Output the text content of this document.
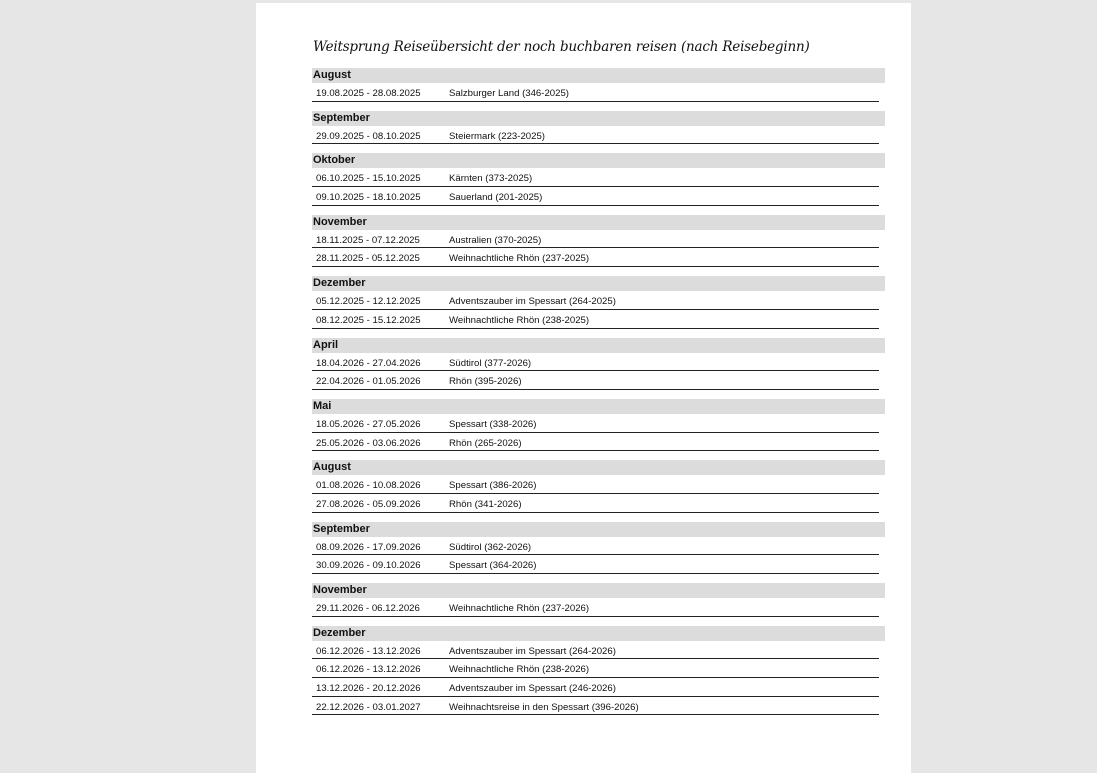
Weitsprung Reiseübersicht der noch buchbaren reisen (nach Reisebeginn)
August
19.08.2025 - 28.08.2025	Salzburger Land (346-2025)
September
29.09.2025 - 08.10.2025	Steiermark (223-2025)
Oktober
06.10.2025 - 15.10.2025	Kärnten (373-2025)
09.10.2025 - 18.10.2025	Sauerland (201-2025)
November
18.11.2025 - 07.12.2025	Australien (370-2025)
28.11.2025 - 05.12.2025	Weihnachtliche Rhön (237-2025)
Dezember
05.12.2025 - 12.12.2025	Adventszauber im Spessart (264-2025)
08.12.2025 - 15.12.2025	Weihnachtliche Rhön (238-2025)
April
18.04.2026 - 27.04.2026	Südtirol (377-2026)
22.04.2026 - 01.05.2026	Rhön (395-2026)
Mai
18.05.2026 - 27.05.2026	Spessart (338-2026)
25.05.2026 - 03.06.2026	Rhön (265-2026)
August
01.08.2026 - 10.08.2026	Spessart (386-2026)
27.08.2026 - 05.09.2026	Rhön (341-2026)
September
08.09.2026 - 17.09.2026	Südtirol (362-2026)
30.09.2026 - 09.10.2026	Spessart (364-2026)
November
29.11.2026 - 06.12.2026	Weihnachtliche Rhön (237-2026)
Dezember
06.12.2026 - 13.12.2026	Adventszauber im Spessart (264-2026)
06.12.2026 - 13.12.2026	Weihnachtliche Rhön (238-2026)
13.12.2026 - 20.12.2026	Adventszauber im Spessart (246-2026)
22.12.2026 - 03.01.2027	Weihnachtsreise in den Spessart (396-2026)
